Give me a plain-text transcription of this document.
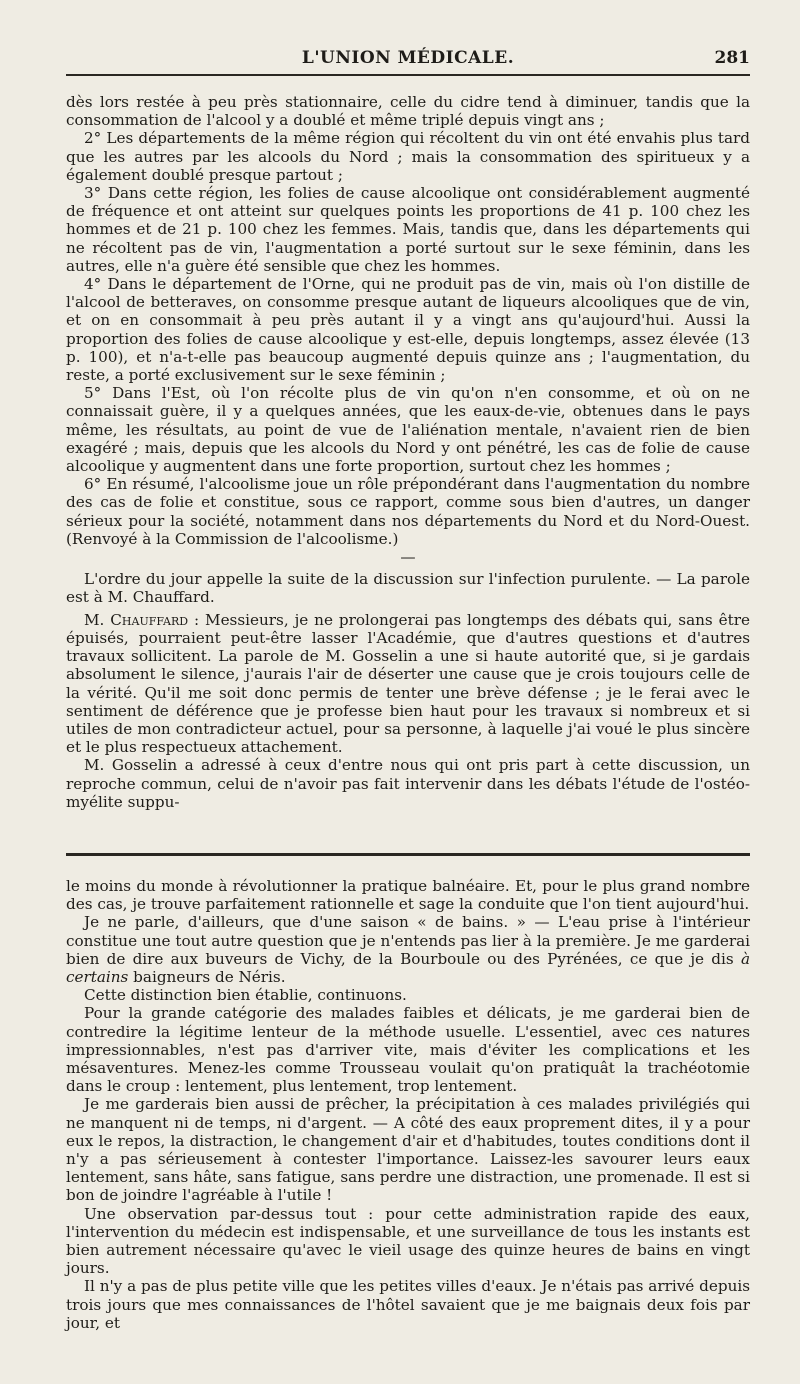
L'UNION MÉDICALE.	281

dès lors restée à peu près stationnaire, celle du cidre tend à diminuer, tandis que la consommation de l'alcool y a doublé et même triplé depuis vingt ans ;

2° Les départements de la même région qui récoltent du vin ont été envahis plus tard que les autres par les alcools du Nord ; mais la consommation des spiritueux y a également doublé presque partout ;

3° Dans cette région, les folies de cause alcoolique ont considérablement augmenté de fréquence et ont atteint sur quelques points les proportions de 41 p. 100 chez les hommes et de 21 p. 100 chez les femmes. Mais, tandis que, dans les départements qui ne récoltent pas de vin, l'augmentation a porté surtout sur le sexe féminin, dans les autres, elle n'a guère été sensible que chez les hommes.

4° Dans le département de l'Orne, qui ne produit pas de vin, mais où l'on distille de l'alcool de betteraves, on consomme presque autant de liqueurs alcooliques que de vin, et on en consommait à peu près autant il y a vingt ans qu'aujourd'hui. Aussi la proportion des folies de cause alcoolique y est-elle, depuis longtemps, assez élevée (13 p. 100), et n'a-t-elle pas beaucoup augmenté depuis quinze ans ; l'augmentation, du reste, a porté exclusivement sur le sexe féminin ;

5° Dans l'Est, où l'on récolte plus de vin qu'on n'en consomme, et où on ne connaissait guère, il y a quelques années, que les eaux-de-vie, obtenues dans le pays même, les résultats, au point de vue de l'aliénation mentale, n'avaient rien de bien exagéré ; mais, depuis que les alcools du Nord y ont pénétré, les cas de folie de cause alcoolique y augmentent dans une forte proportion, surtout chez les hommes ;

6° En résumé, l'alcoolisme joue un rôle prépondérant dans l'augmentation du nombre des cas de folie et constitue, sous ce rapport, comme sous bien d'autres, un danger sérieux pour la société, notamment dans nos départements du Nord et du Nord-Ouest. (Renvoyé à la Commission de l'alcoolisme.)

—

L'ordre du jour appelle la suite de la discussion sur l'infection purulente. — La parole est à M. Chauffard.

M. Chauffard : Messieurs, je ne prolongerai pas longtemps des débats qui, sans être épuisés, pourraient peut-être lasser l'Académie, que d'autres questions et d'autres travaux sollicitent. La parole de M. Gosselin a une si haute autorité que, si je gardais absolument le silence, j'aurais l'air de déserter une cause que je crois toujours celle de la vérité. Qu'il me soit donc permis de tenter une brève défense ; je le ferai avec le sentiment de déférence que je professe bien haut pour les travaux si nombreux et si utiles de mon contradicteur actuel, pour sa personne, à laquelle j'ai voué le plus sincère et le plus respectueux attachement.

M. Gosselin a adressé à ceux d'entre nous qui ont pris part à cette discussion, un reproche commun, celui de n'avoir pas fait intervenir dans les débats l'étude de l'ostéo-myélite suppu-

le moins du monde à révolutionner la pratique balnéaire. Et, pour le plus grand nombre des cas, je trouve parfaitement rationnelle et sage la conduite que l'on tient aujourd'hui.

Je ne parle, d'ailleurs, que d'une saison « de bains. » — L'eau prise à l'intérieur constitue une tout autre question que je n'entends pas lier à la première. Je me garderai bien de dire aux buveurs de Vichy, de la Bourboule ou des Pyrénées, ce que je dis à certains baigneurs de Néris.

Cette distinction bien établie, continuons.

Pour la grande catégorie des malades faibles et délicats, je me garderai bien de contredire la légitime lenteur de la méthode usuelle. L'essentiel, avec ces natures impressionnables, n'est pas d'arriver vite, mais d'éviter les complications et les mésaventures. Menez-les comme Trousseau voulait qu'on pratiquât la trachéotomie dans le croup : lentement, plus lentement, trop lentement.

Je me garderais bien aussi de prêcher, la précipitation à ces malades privilégiés qui ne manquent ni de temps, ni d'argent. — A côté des eaux proprement dites, il y a pour eux le repos, la distraction, le changement d'air et d'habitudes, toutes conditions dont il n'y a pas sérieusement à contester l'importance. Laissez-les savourer leurs eaux lentement, sans hâte, sans fatigue, sans perdre une distraction, une promenade. Il est si bon de joindre l'agréable à l'utile !

Une observation par-dessus tout : pour cette administration rapide des eaux, l'intervention du médecin est indispensable, et une surveillance de tous les instants est bien autrement nécessaire qu'avec le vieil usage des quinze heures de bains en vingt jours.

Il n'y a pas de plus petite ville que les petites villes d'eaux. Je n'étais pas arrivé depuis trois jours que mes connaissances de l'hôtel savaient que je me baignais deux fois par jour, et
